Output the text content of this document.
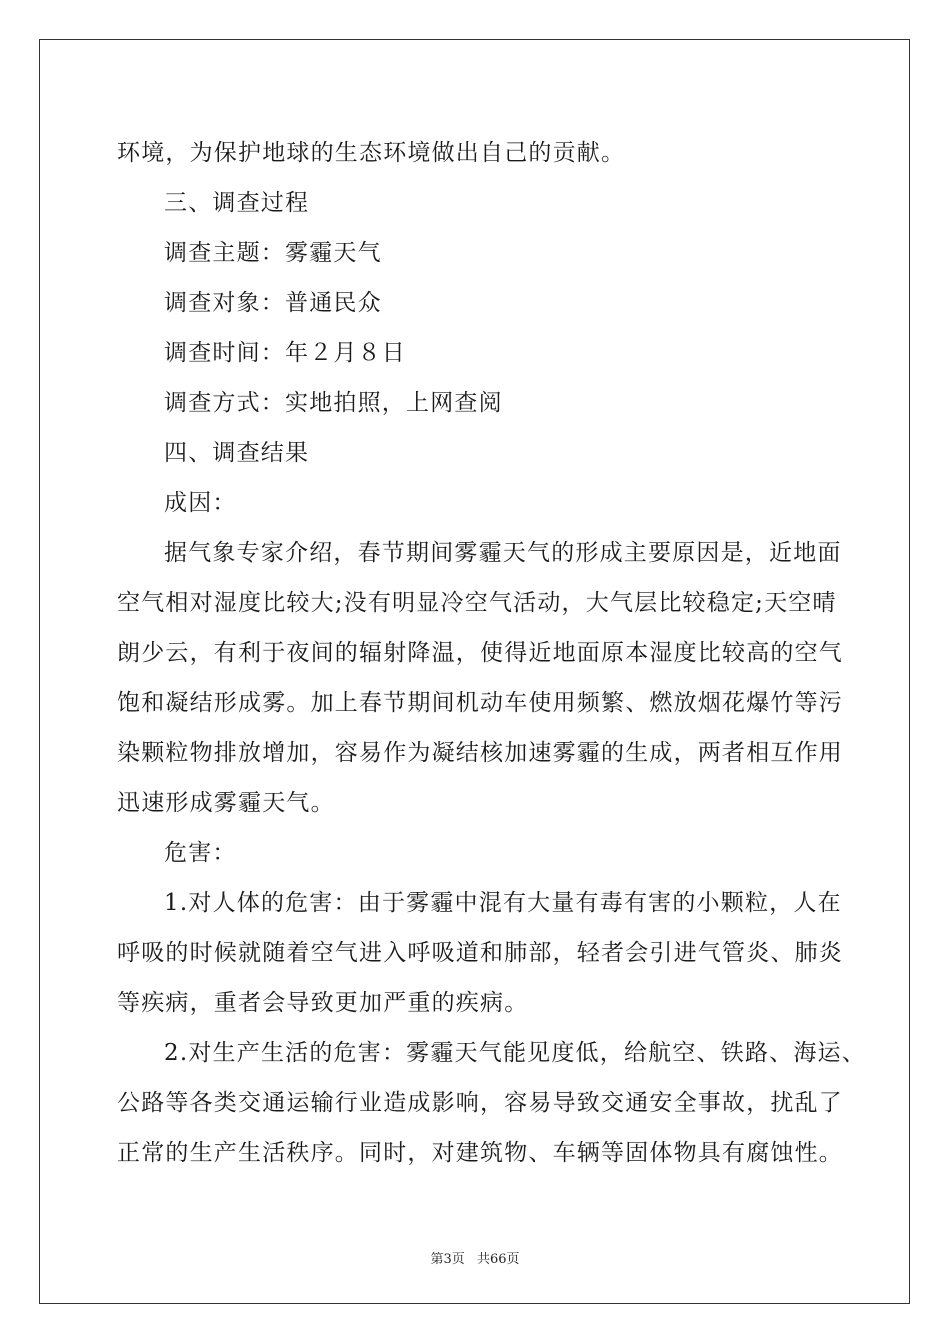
环境，为保护地球的生态环境做出自己的贡献。
三、调查过程
调查主题：雾霾天气
调查对象：普通民众
调查时间：年２月８日
调查方式：实地拍照，上网查阅
四、调查结果
成因：
据气象专家介绍，春节期间雾霾天气的形成主要原因是，近地面
空气相对湿度比较大;没有明显冷空气活动，大气层比较稳定;天空晴
朗少云，有利于夜间的辐射降温，使得近地面原本湿度比较高的空气
饱和凝结形成雾。加上春节期间机动车使用频繁、燃放烟花爆竹等污
染颗粒物排放增加，容易作为凝结核加速雾霾的生成，两者相互作用
迅速形成雾霾天气。
危害：
1.对人体的危害：由于雾霾中混有大量有毒有害的小颗粒，人在
呼吸的时候就随着空气进入呼吸道和肺部，轻者会引进气管炎、肺炎
等疾病，重者会导致更加严重的疾病。
2.对生产生活的危害：雾霾天气能见度低，给航空、铁路、海运、
公路等各类交通运输行业造成影响，容易导致交通安全事故，扰乱了
正常的生产生活秩序。同时，对建筑物、车辆等固体物具有腐蚀性。
第3页 共66页
